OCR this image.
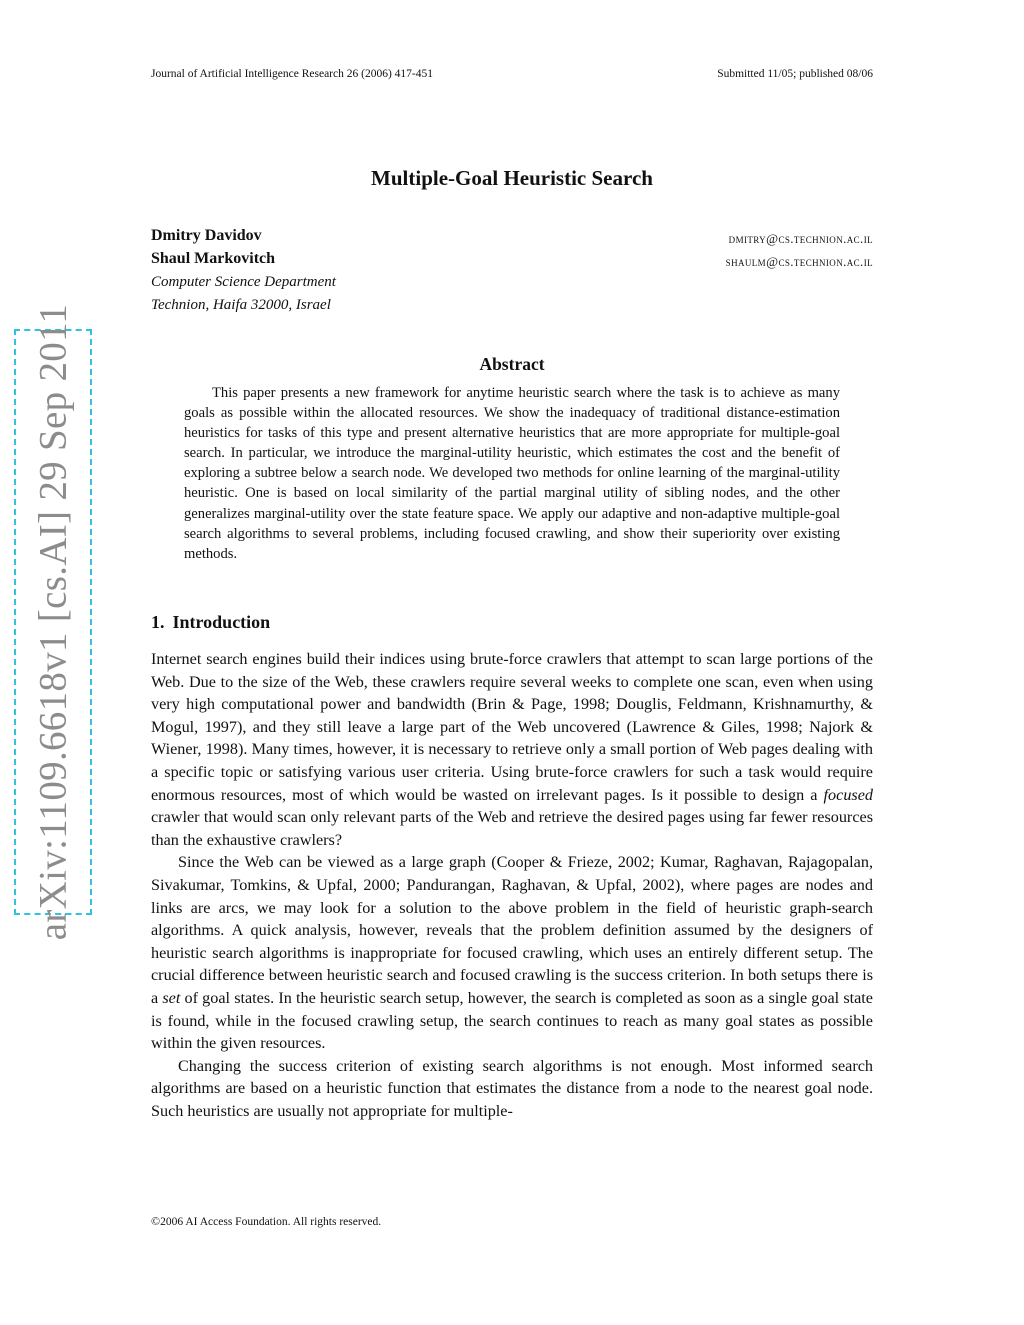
Journal of Artificial Intelligence Research 26 (2006) 417-451	Submitted 11/05; published 08/06
Multiple-Goal Heuristic Search
Dmitry Davidov	dmitry@cs.technion.ac.il
Shaul Markovitch	shaulm@cs.technion.ac.il
Computer Science Department
Technion, Haifa 32000, Israel
Abstract

This paper presents a new framework for anytime heuristic search where the task is to achieve as many goals as possible within the allocated resources. We show the inadequacy of traditional distance-estimation heuristics for tasks of this type and present alternative heuristics that are more appropriate for multiple-goal search. In particular, we introduce the marginal-utility heuristic, which estimates the cost and the benefit of exploring a subtree below a search node. We developed two methods for online learning of the marginal-utility heuristic. One is based on local similarity of the partial marginal utility of sibling nodes, and the other generalizes marginal-utility over the state feature space. We apply our adaptive and non-adaptive multiple-goal search algorithms to several problems, including focused crawling, and show their superiority over existing methods.

1. Introduction

Internet search engines build their indices using brute-force crawlers that attempt to scan large portions of the Web. Due to the size of the Web, these crawlers require several weeks to complete one scan, even when using very high computational power and bandwidth (Brin & Page, 1998; Douglis, Feldmann, Krishnamurthy, & Mogul, 1997), and they still leave a large part of the Web uncovered (Lawrence & Giles, 1998; Najork & Wiener, 1998). Many times, however, it is necessary to retrieve only a small portion of Web pages dealing with a specific topic or satisfying various user criteria. Using brute-force crawlers for such a task would require enormous resources, most of which would be wasted on irrelevant pages. Is it possible to design a focused crawler that would scan only relevant parts of the Web and retrieve the desired pages using far fewer resources than the exhaustive crawlers?

Since the Web can be viewed as a large graph (Cooper & Frieze, 2002; Kumar, Raghavan, Rajagopalan, Sivakumar, Tomkins, & Upfal, 2000; Pandurangan, Raghavan, & Upfal, 2002), where pages are nodes and links are arcs, we may look for a solution to the above problem in the field of heuristic graph-search algorithms. A quick analysis, however, reveals that the problem definition assumed by the designers of heuristic search algorithms is inappropriate for focused crawling, which uses an entirely different setup. The crucial difference between heuristic search and focused crawling is the success criterion. In both setups there is a set of goal states. In the heuristic search setup, however, the search is completed as soon as a single goal state is found, while in the focused crawling setup, the search continues to reach as many goal states as possible within the given resources.

Changing the success criterion of existing search algorithms is not enough. Most informed search algorithms are based on a heuristic function that estimates the distance from a node to the nearest goal node. Such heuristics are usually not appropriate for multiple-

©2006 AI Access Foundation. All rights reserved.
arXiv:1109.6618v1 [cs.AI] 29 Sep 2011
